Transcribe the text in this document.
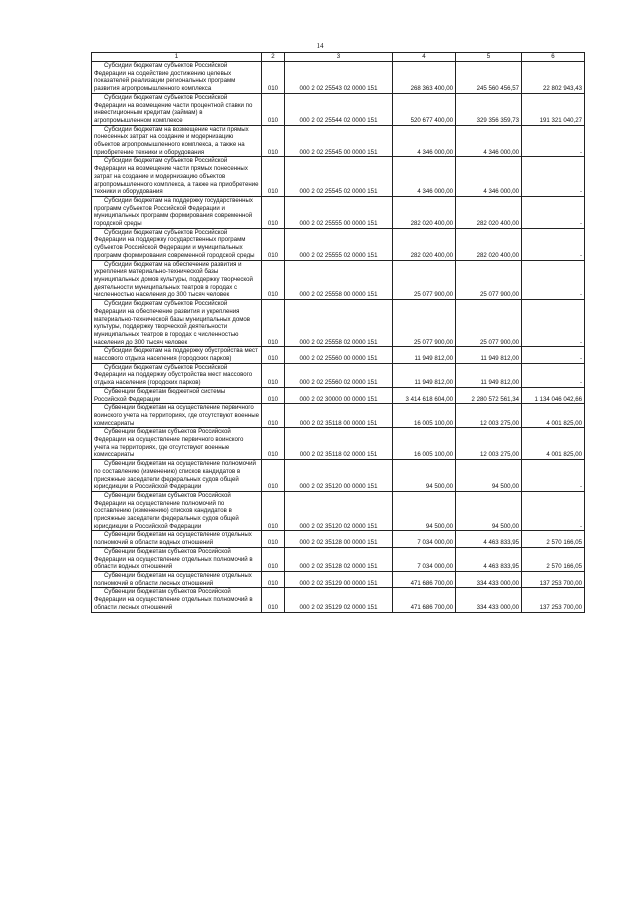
14
1	2	3	4	5	6
Субсидии бюджетам субъектов Российской Федерации на содействие достижению целевых показателей реализации региональных программ развития агропромышленного комплекса	010	000 2 02 25543 02 0000 151	268 363 400,00	245 560 456,57	22 802 943,43
Субсидии бюджетам субъектов Российской Федерации на возмещение части процентной ставки по инвестиционным кредитам (займам) в агропромышленном комплексе	010	000 2 02 25544 02 0000 151	520 677 400,00	329 356 359,73	191 321 040,27
Субсидии бюджетам на возмещение части прямых понесенных затрат на создание и модернизацию объектов агропромышленного комплекса, а также на приобретение техники и оборудования	010	000 2 02 25545 00 0000 151	4 346 000,00	4 346 000,00	-
Субсидии бюджетам субъектов Российской Федерации на возмещение части прямых понесенных затрат на создание и модернизацию объектов агропромышленного комплекса, а также на приобретение техники и оборудования	010	000 2 02 25545 02 0000 151	4 346 000,00	4 346 000,00	-
Субсидии бюджетам на поддержку государственных программ субъектов Российской Федерации и муниципальных программ формирования современной городской среды	010	000 2 02 25555 00 0000 151	282 020 400,00	282 020 400,00	-
Субсидии бюджетам субъектов Российской Федерации на поддержку государственных программ субъектов Российской Федерации и муниципальных программ формирования современной городской среды	010	000 2 02 25555 02 0000 151	282 020 400,00	282 020 400,00	-
Субсидии бюджетам на обеспечение развития и укрепления материально-технической базы муниципальных домов культуры, поддержку творческой деятельности муниципальных театров в городах с численностью населения до 300 тысяч человек	010	000 2 02 25558 00 0000 151	25 077 900,00	25 077 900,00	-
Субсидии бюджетам субъектов Российской Федерации на обеспечение развития и укрепления материально-технической базы муниципальных домов культуры, поддержку творческой деятельности муниципальных театров в городах с численностью населения до 300 тысяч человек	010	000 2 02 25558 02 0000 151	25 077 900,00	25 077 900,00	-
Субсидии бюджетам на поддержку обустройства мест массового отдыха населения (городских парков)	010	000 2 02 25560 00 0000 151	11 949 812,00	11 949 812,00	-
Субсидии бюджетам субъектов Российской Федерации на поддержку обустройства мест массового отдыха населения (городских парков)	010	000 2 02 25560 02 0000 151	11 949 812,00	11 949 812,00	-
Субвенции бюджетам бюджетной системы Российской Федерации	010	000 2 02 30000 00 0000 151	3 414 618 604,00	2 280 572 561,34	1 134 046 042,66
Субвенции бюджетам на осуществление первичного воинского учета на территориях, где отсутствуют военные комиссариаты	010	000 2 02 35118 00 0000 151	16 005 100,00	12 003 275,00	4 001 825,00
Субвенции бюджетам субъектов Российской Федерации на осуществление первичного воинского учета на территориях, где отсутствуют военные комиссариаты	010	000 2 02 35118 02 0000 151	16 005 100,00	12 003 275,00	4 001 825,00
Субвенции бюджетам на осуществление полномочий по составлению (изменению) списков кандидатов в присяжные заседатели федеральных судов общей юрисдикции в Российской Федерации	010	000 2 02 35120 00 0000 151	94 500,00	94 500,00	-
Субвенции бюджетам субъектов Российской Федерации на осуществление полномочий по составлению (изменению) списков кандидатов в присяжные заседатели федеральных судов общей юрисдикции в Российской Федерации	010	000 2 02 35120 02 0000 151	94 500,00	94 500,00	-
Субвенции бюджетам на осуществление отдельных полномочий в области водных отношений	010	000 2 02 35128 00 0000 151	7 034 000,00	4 463 833,95	2 570 166,05
Субвенции бюджетам субъектов Российской Федерации на осуществление отдельных полномочий в области водных отношений	010	000 2 02 35128 02 0000 151	7 034 000,00	4 463 833,95	2 570 166,05
Субвенции бюджетам на осуществление отдельных полномочий в области лесных отношений	010	000 2 02 35129 00 0000 151	471 686 700,00	334 433 000,00	137 253 700,00
Субвенции бюджетам субъектов Российской Федерации на осуществление отдельных полномочий в области лесных отношений	010	000 2 02 35129 02 0000 151	471 686 700,00	334 433 000,00	137 253 700,00
